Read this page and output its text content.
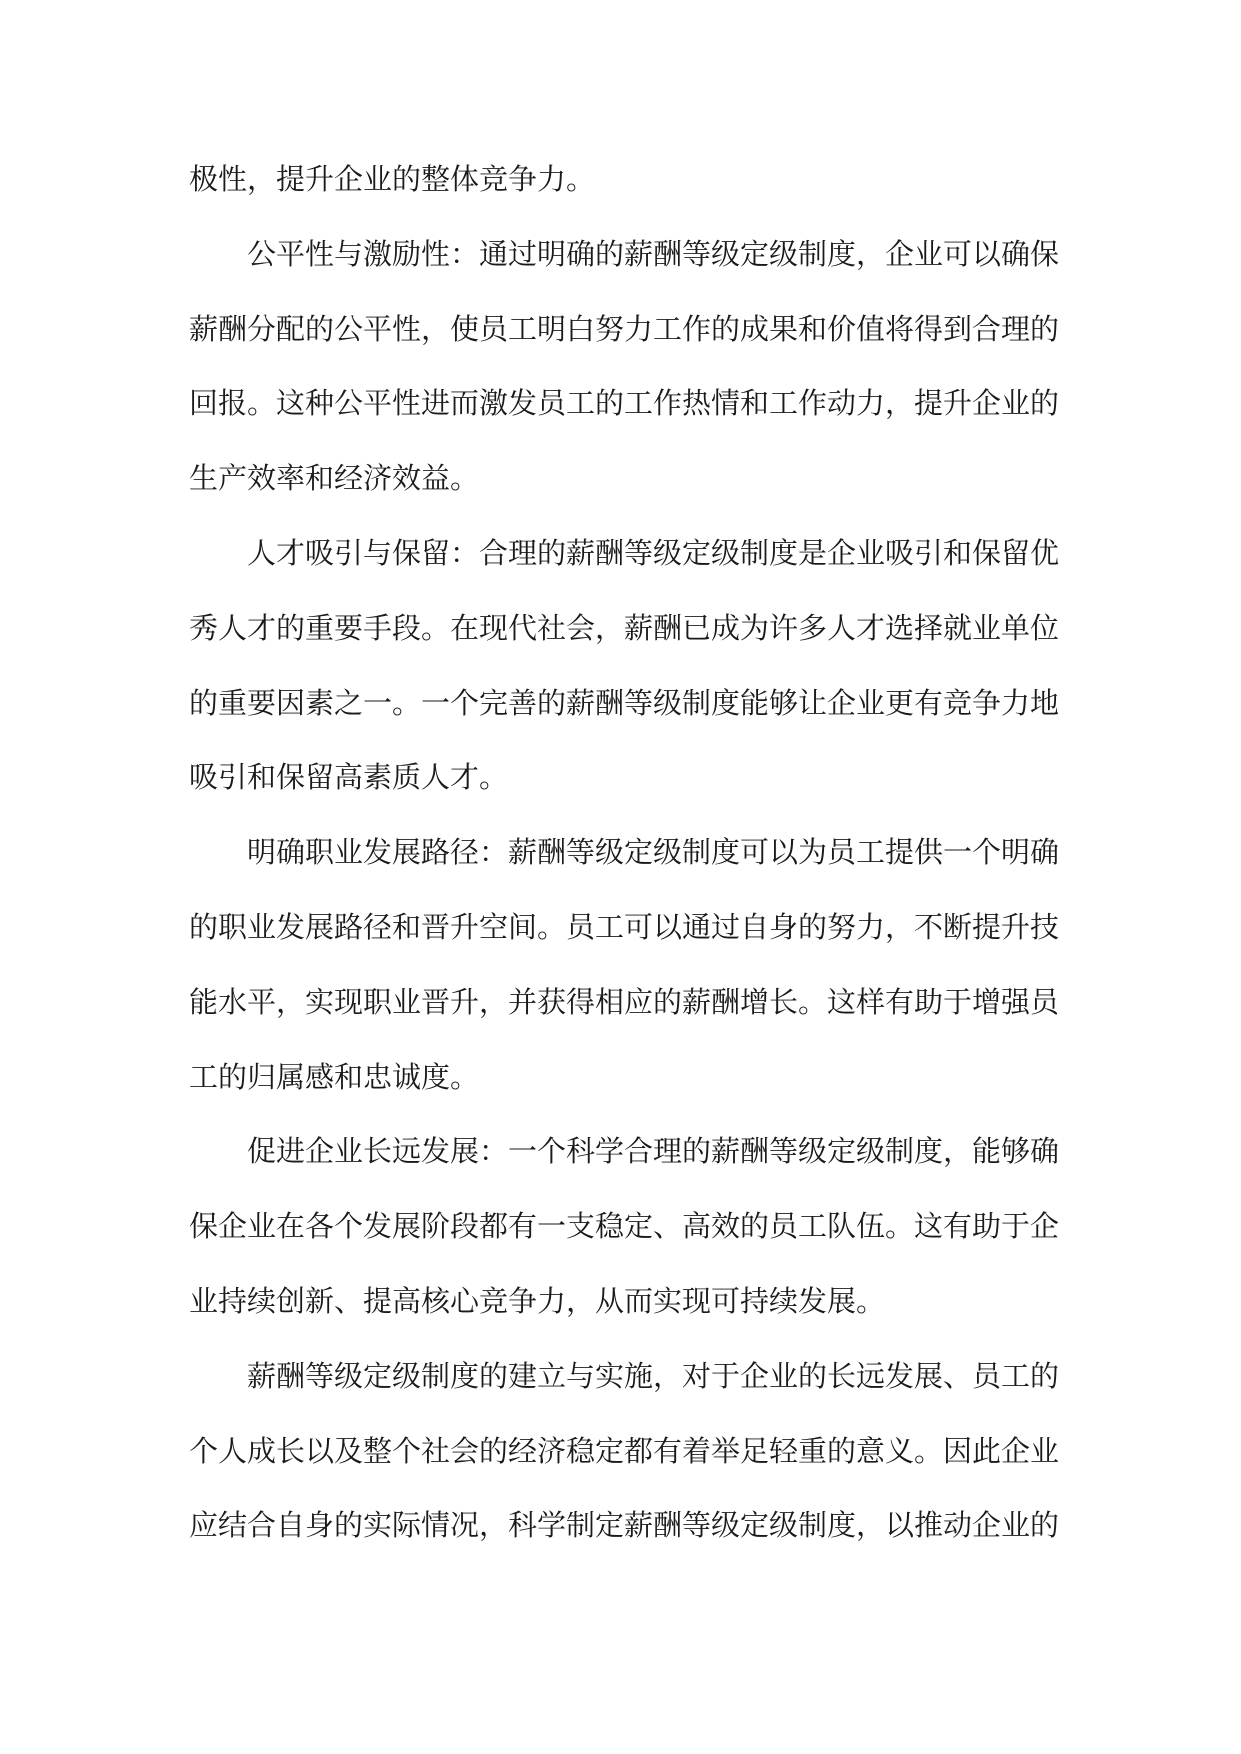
极性，提升企业的整体竞争力。
公平性与激励性：通过明确的薪酬等级定级制度，企业可以确保
薪酬分配的公平性，使员工明白努力工作的成果和价值将得到合理的
回报。这种公平性进而激发员工的工作热情和工作动力，提升企业的
生产效率和经济效益。
人才吸引与保留：合理的薪酬等级定级制度是企业吸引和保留优
秀人才的重要手段。在现代社会，薪酬已成为许多人才选择就业单位
的重要因素之一。一个完善的薪酬等级制度能够让企业更有竞争力地
吸引和保留高素质人才。
明确职业发展路径：薪酬等级定级制度可以为员工提供一个明确
的职业发展路径和晋升空间。员工可以通过自身的努力，不断提升技
能水平，实现职业晋升，并获得相应的薪酬增长。这样有助于增强员
工的归属感和忠诚度。
促进企业长远发展：一个科学合理的薪酬等级定级制度，能够确
保企业在各个发展阶段都有一支稳定、高效的员工队伍。这有助于企
业持续创新、提高核心竞争力，从而实现可持续发展。
薪酬等级定级制度的建立与实施，对于企业的长远发展、员工的
个人成长以及整个社会的经济稳定都有着举足轻重的意义。因此企业
应结合自身的实际情况，科学制定薪酬等级定级制度，以推动企业的
